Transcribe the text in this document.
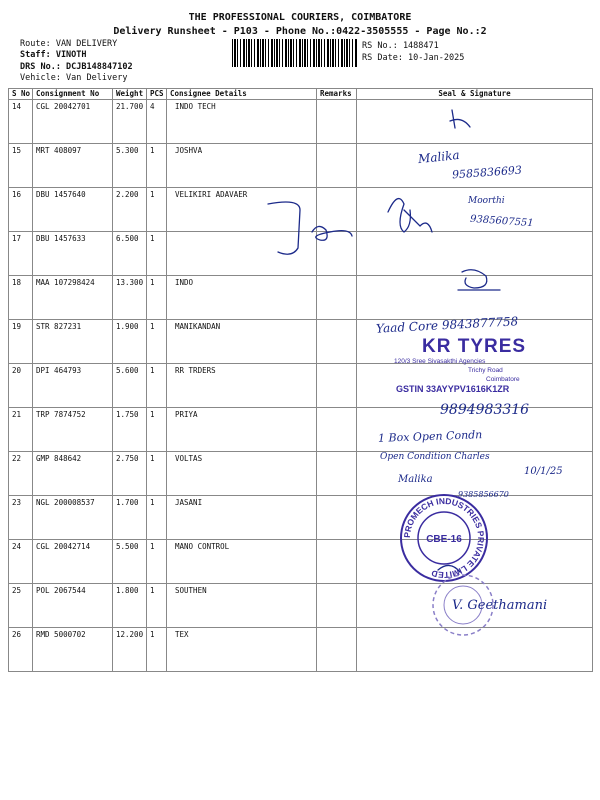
THE PROFESSIONAL COURIERS, COIMBATORE
Delivery Runsheet - P103 - Phone No.:0422-3505555 - Page No.:2
Route: VAN DELIVERY
Staff: VINOTH
DRS No.: DCJB148847102
Vehicle: Van Delivery
RS No.: 1488471
RS Date: 10-Jan-2025
S No	Consignment No	Weight	PCS	Consignee Details	Remarks	Seal & Signature
14	CGL 20042701	21.700	4	INDO TECH		
15	MRT 408097	5.300	1	JOSHVA		
16	DBU 1457640	2.200	1	VELIKIRI ADAVAER		
17	DBU 1457633	6.500	1			
18	MAA 107298424	13.300	1	INDO		
19	STR 827231	1.900	1	MANIKANDAN		
20	DPI 464793	5.600	1	RR TRDERS		
21	TRP 7874752	1.750	1	PRIYA		
22	GMP 848642	2.750	1	VOLTAS		
23	NGL 200008537	1.700	1	JASANI		
24	CGL 20042714	5.500	1	MANO CONTROL		
25	POL 2067544	1.800	1	SOUTHEN		
26	RMD 5000702	12.200	1	TEX		
Malika
9585836693
Moorthi
9385607551
Yaad Core 9843877758
KR TYRES
120/3 Sree Sivasakthi Agencies
Trichy Road
Coimbatore
GSTIN 33AYYPV1616K1ZR
9894983316
1 Box Open Condn
Open Condition Charles
10/1/25
Malika
9385856670
PROMECH INDUSTRIES PRIVATE LIMITED
CBE-16
V. Geethamani
